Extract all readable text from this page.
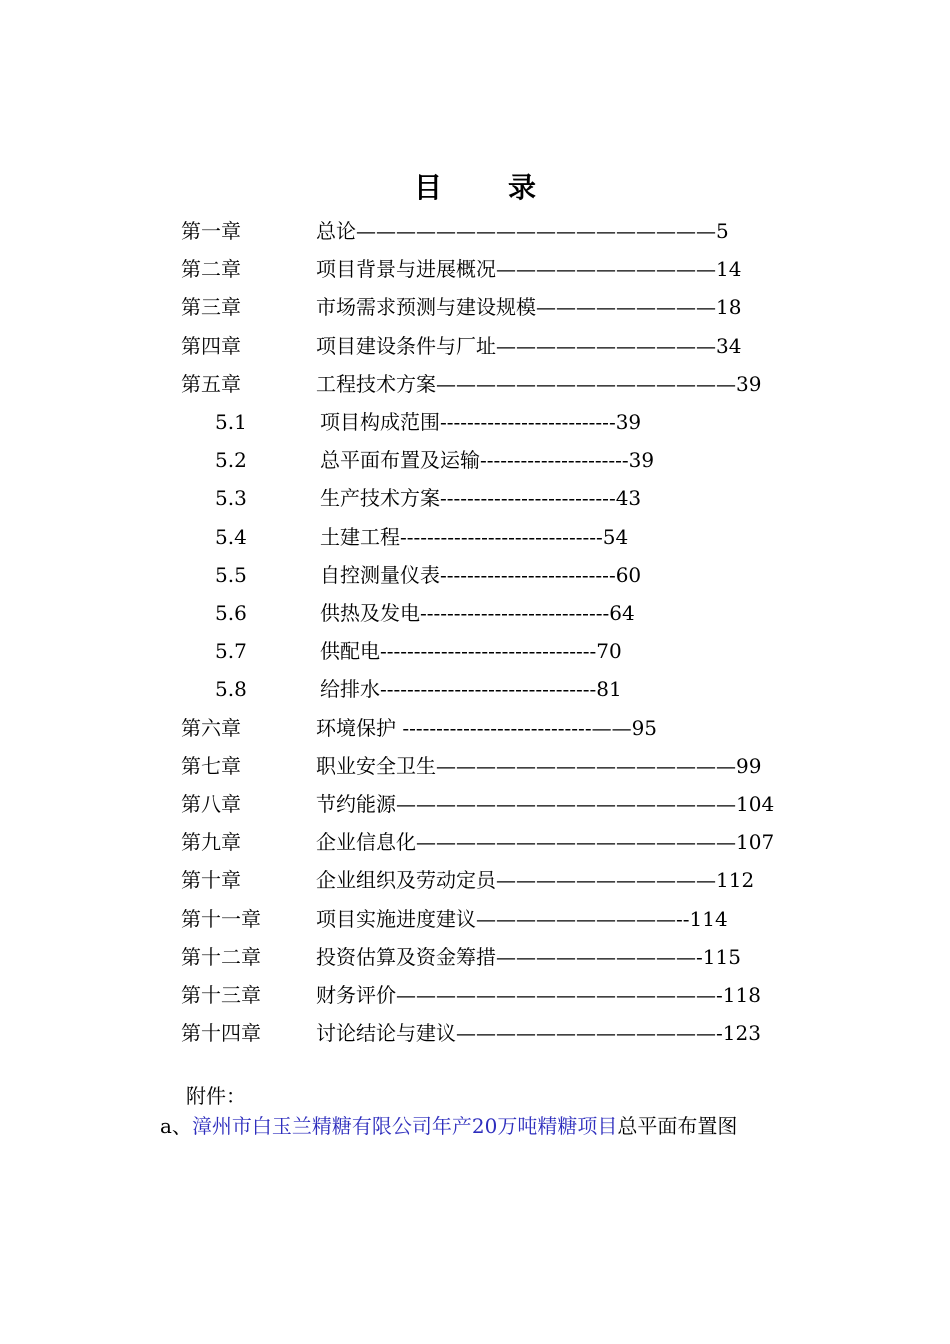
目 录
第一章	总论——————————————————5
第二章	项目背景与进展概况———————————14
第三章	市场需求预测与建设规模—————————18
第四章	项目建设条件与厂址———————————34
第五章	工程技术方案———————————————39
5.1	项目构成范围--------------------------39
5.2	总平面布置及运输----------------------39
5.3	生产技术方案--------------------------43
5.4	土建工程------------------------------54
5.5	自控测量仪表--------------------------60
5.6	供热及发电----------------------------64
5.7	供配电--------------------------------70
5.8	给排水--------------------------------81
第六章	环境保护 ----------------------------——95
第七章	职业安全卫生———————————————99
第八章	节约能源—————————————————104
第九章	企业信息化————————————————107
第十章	企业组织及劳动定员———————————112
第十一章	项目实施进度建议——————————--114
第十二章	投资估算及资金筹措——————————-115
第十三章	财务评价————————————————-118
第十四章	讨论结论与建议—————————————-123
附件：
a、漳州市白玉兰精糖有限公司年产20万吨精糖项目总平面布置图
